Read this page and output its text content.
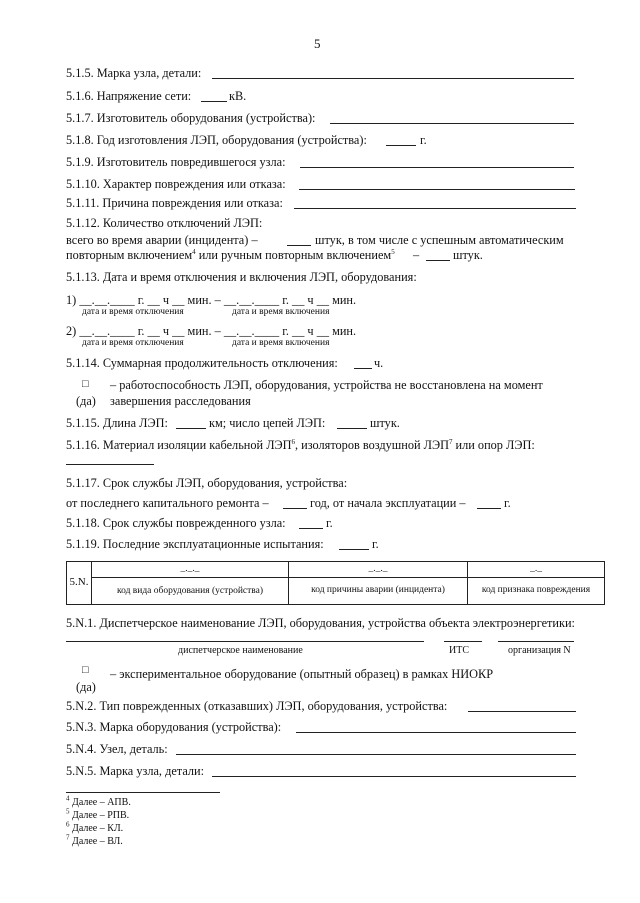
5
5.1.5. Марка узла, детали:
5.1.6. Напряжение сети:	кВ.
5.1.7. Изготовитель оборудования (устройства):
5.1.8. Год изготовления ЛЭП, оборудования (устройства):	г.
5.1.9. Изготовитель повредившегося узла:
5.1.10. Характер повреждения или отказа:
5.1.11. Причина повреждения или отказа:
5.1.12. Количество отключений ЛЭП:
всего во время аварии (инцидента) –	штук, в том числе с успешным автоматическим
повторным включением$^4$ или ручным повторным включением$^5$ –	штук.
5.1.13. Дата и время отключения и включения ЛЭП, оборудования:
1) __.__.____ г. __ ч __ мин. – __.__.____ г. __ ч __ мин.
дата и время отключения	дата и время включения
2) __.__.____ г. __ ч __ мин. – __.__.____ г. __ ч __ мин.
дата и время отключения	дата и время включения
5.1.14. Суммарная продолжительность отключения:	ч.
□ – работоспособность ЛЭП, оборудования, устройства не восстановлена на момент
(да) завершения расследования
5.1.15. Длина ЛЭП:	км; число цепей ЛЭП:	штук.
5.1.16. Материал изоляции кабельной ЛЭП$^6$, изоляторов воздушной ЛЭП$^7$ или опор ЛЭП:
5.1.17. Срок службы ЛЭП, оборудования, устройства:
от последнего капитального ремонта –	год, от начала эксплуатации –	г.
5.1.18. Срок службы поврежденного узла:	г.
5.1.19. Последние эксплуатационные испытания:	г.
5.N.	_._._	_._._	_._
	код вида оборудования (устройства)	код причины аварии (инцидента)	код признака повреждения
5.N.1. Диспетчерское наименование ЛЭП, оборудования, устройства объекта электроэнергетики:
диспетчерское наименование	ИТС	организация N
□ – экспериментальное оборудование (опытный образец) в рамках НИОКР
(да)
5.N.2. Тип поврежденных (отказавших) ЛЭП, оборудования, устройства:
5.N.3. Марка оборудования (устройства):
5.N.4. Узел, деталь:
5.N.5. Марка узла, детали:
$^4$ Далее – АПВ.
$^5$ Далее – РПВ.
$^6$ Далее – КЛ.
$^7$ Далее – ВЛ.
